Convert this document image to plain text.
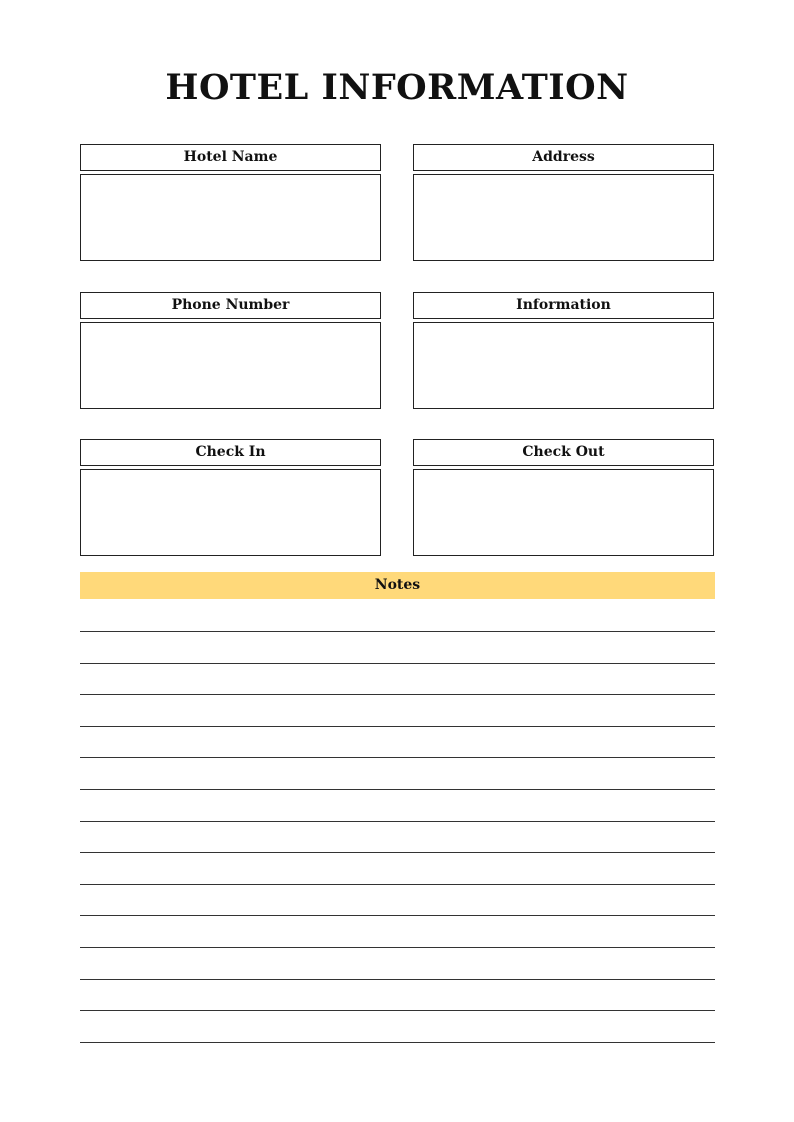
HOTEL INFORMATION
Hotel Name	Address
Phone Number	Information
Check In	Check Out
Notes
